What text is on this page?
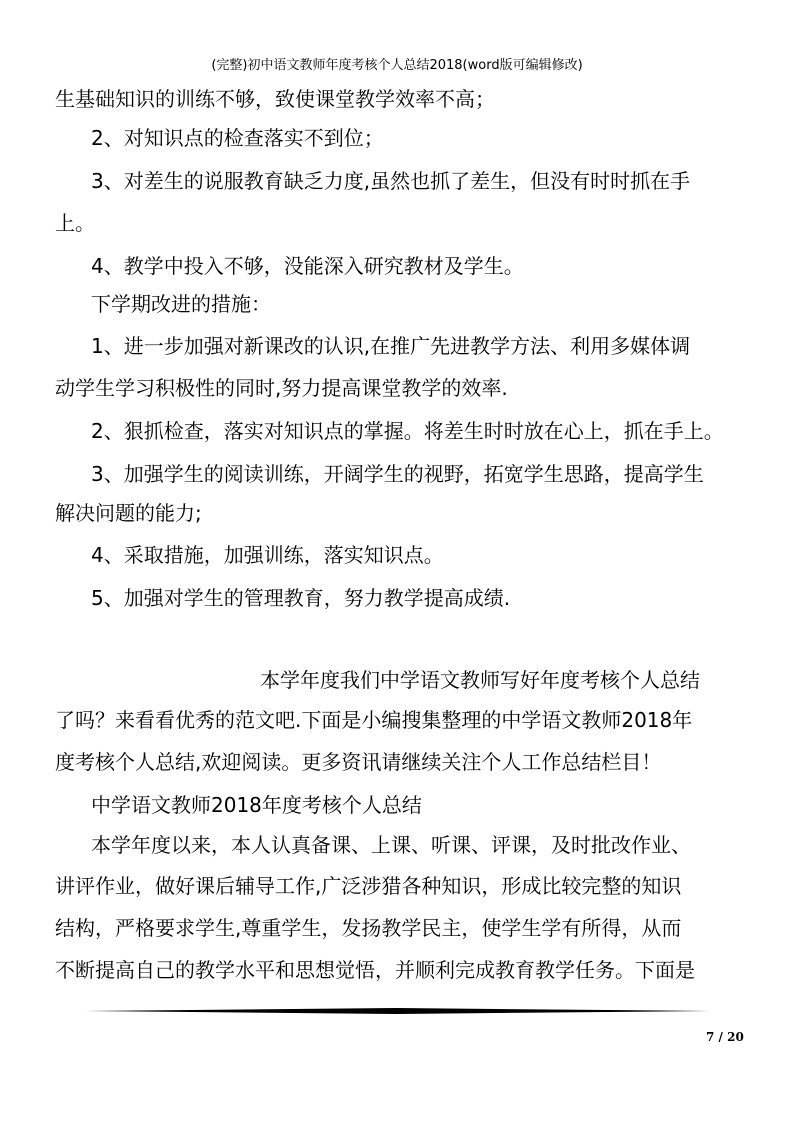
(完整)初中语文教师年度考核个人总结2018(word版可编辑修改)
生基础知识的训练不够，致使课堂教学效率不高；
2、对知识点的检查落实不到位；
3、对差生的说服教育缺乏力度,虽然也抓了差生，但没有时时抓在手
上。
4、教学中投入不够，没能深入研究教材及学生。
下学期改进的措施：
1、进一步加强对新课改的认识,在推广先进教学方法、利用多媒体调
动学生学习积极性的同时,努力提高课堂教学的效率.
2、狠抓检查，落实对知识点的掌握。将差生时时放在心上，抓在手上。
3、加强学生的阅读训练，开阔学生的视野，拓宽学生思路，提高学生
解决问题的能力;
4、采取措施，加强训练，落实知识点。
5、加强对学生的管理教育，努力教学提高成绩.
本学年度我们中学语文教师写好年度考核个人总结
了吗？来看看优秀的范文吧.下面是小编搜集整理的中学语文教师2018年
度考核个人总结,欢迎阅读。更多资讯请继续关注个人工作总结栏目！
中学语文教师2018年度考核个人总结
本学年度以来，本人认真备课、上课、听课、评课，及时批改作业、
讲评作业，做好课后辅导工作,广泛涉猎各种知识，形成比较完整的知识
结构，严格要求学生,尊重学生，发扬教学民主，使学生学有所得，从而
不断提高自己的教学水平和思想觉悟，并顺利完成教育教学任务。下面是
7 / 20
